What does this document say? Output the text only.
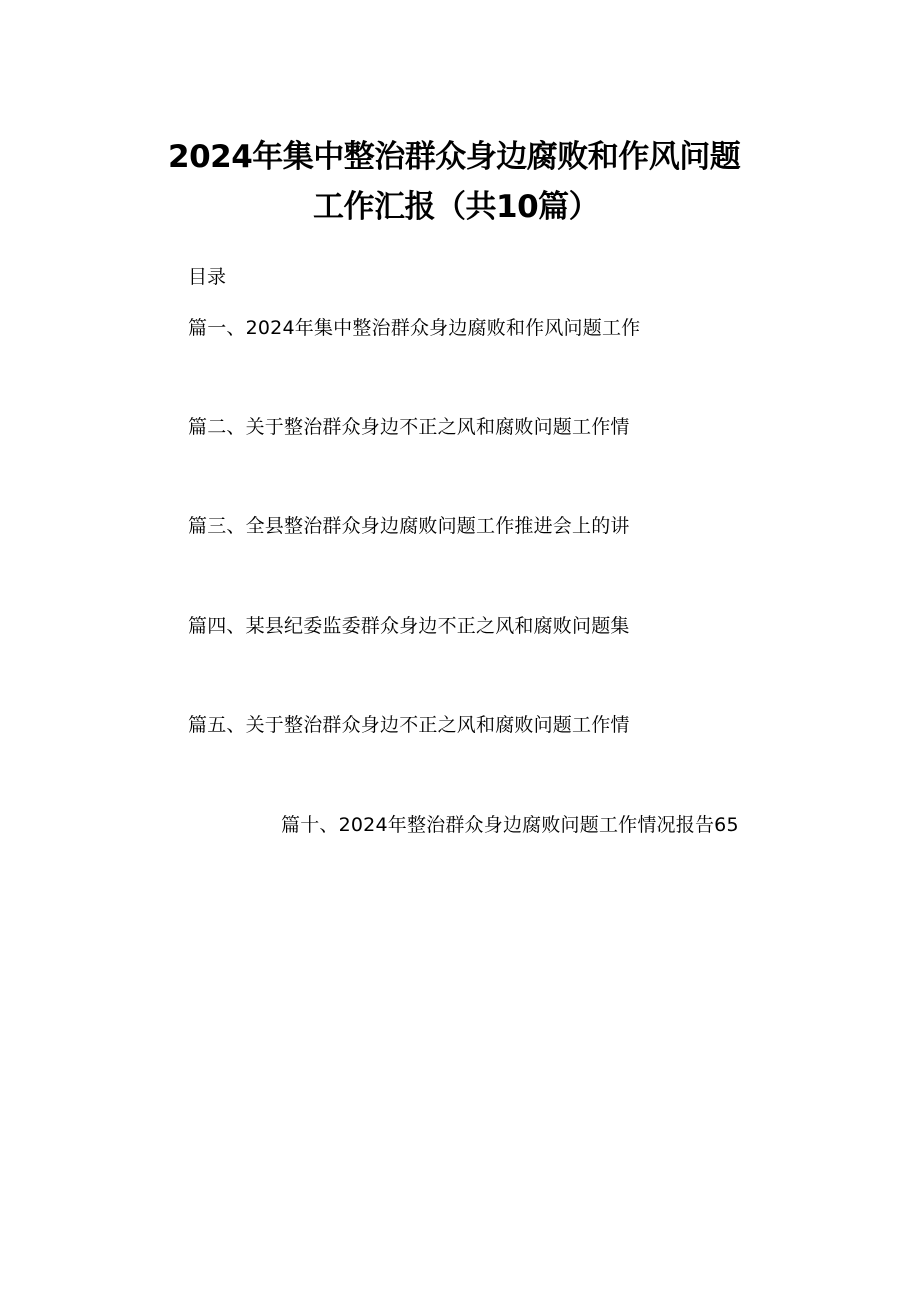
2024年集中整治群众身边腐败和作风问题
工作汇报（共10篇）
目录
篇一、2024年集中整治群众身边腐败和作风问题工作
篇二、关于整治群众身边不正之风和腐败问题工作情
篇三、全县整治群众身边腐败问题工作推进会上的讲
篇四、某县纪委监委群众身边不正之风和腐败问题集
篇五、关于整治群众身边不正之风和腐败问题工作情
篇十、2024年整治群众身边腐败问题工作情况报告65
